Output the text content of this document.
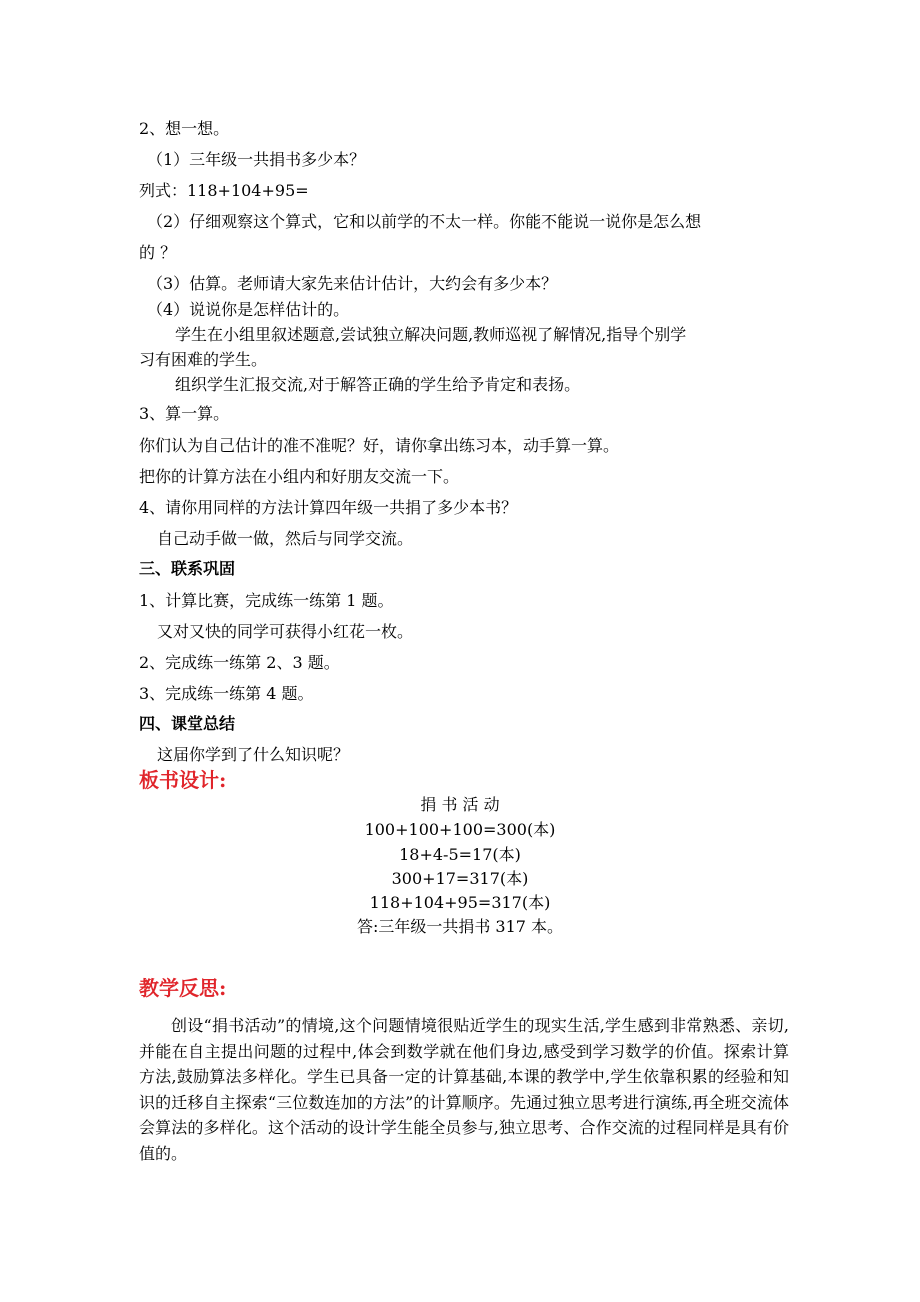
2、想一想。
（1）三年级一共捐书多少本？
列式：118+104+95=
（2）仔细观察这个算式，它和以前学的不太一样。你能不能说一说你是怎么想
的 ？
（3）估算。老师请大家先来估计估计，大约会有多少本？
（4）说说你是怎样估计的。
学生在小组里叙述题意,尝试独立解决问题,教师巡视了解情况,指导个别学
习有困难的学生。
组织学生汇报交流,对于解答正确的学生给予肯定和表扬。
3、算一算。
你们认为自己估计的准不准呢？好，请你拿出练习本，动手算一算。
把你的计算方法在小组内和好朋友交流一下。
4、请你用同样的方法计算四年级一共捐了多少本书？
自己动手做一做，然后与同学交流。
三、联系巩固
1、计算比赛，完成练一练第 1 题。
又对又快的同学可获得小红花一枚。
2、完成练一练第 2、3 题。
3、完成练一练第 4 题。
四、课堂总结
这届你学到了什么知识呢？
板书设计:
捐 书 活 动
100+100+100=300(本)
18+4-5=17(本)
300+17=317(本)
118+104+95=317(本)
答:三年级一共捐书 317 本。
教学反思:
创设“捐书活动”的情境,这个问题情境很贴近学生的现实生活,学生感到非常熟悉、亲切,并能在自主提出问题的过程中,体会到数学就在他们身边,感受到学习数学的价值。探索计算方法,鼓励算法多样化。学生已具备一定的计算基础,本课的教学中,学生依靠积累的经验和知识的迁移自主探索“三位数连加的方法”的计算顺序。先通过独立思考进行演练,再全班交流体会算法的多样化。这个活动的设计学生能全员参与,独立思考、合作交流的过程同样是具有价值的。
